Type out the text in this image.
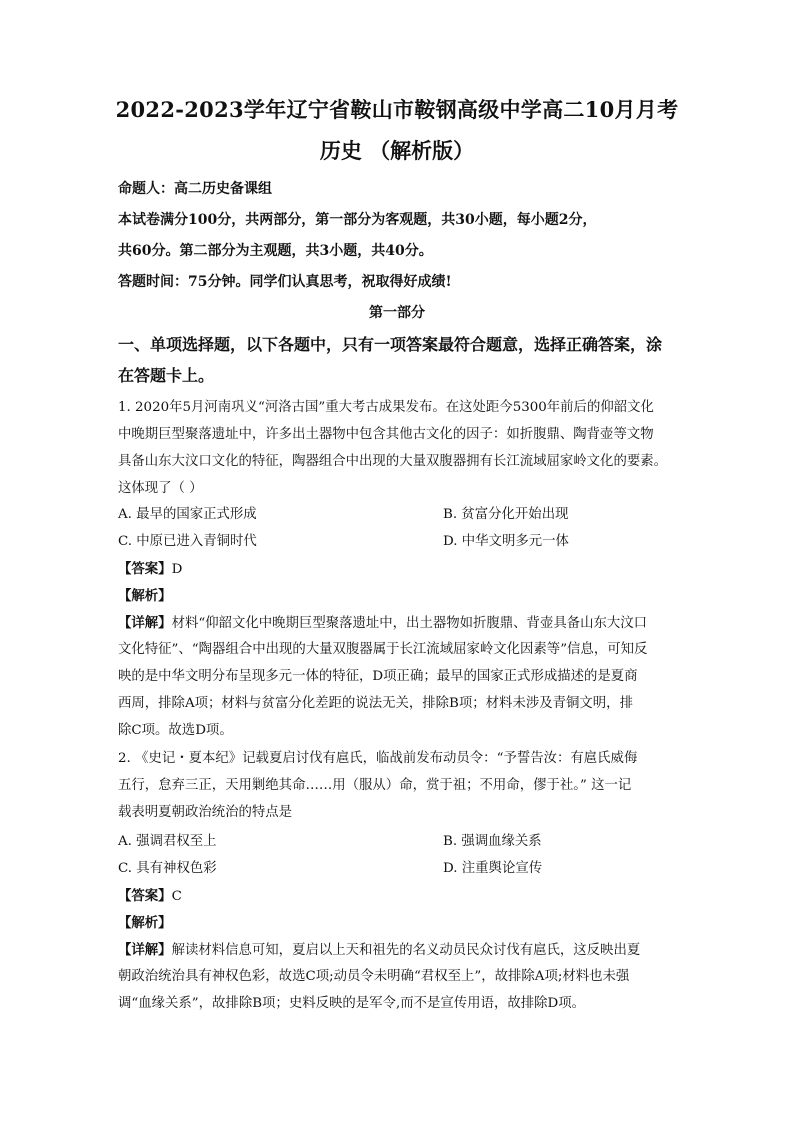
2022-2023学年辽宁省鞍山市鞍钢高级中学高二10月月考
历史 （解析版）
命题人：高二历史备课组
本试卷满分100分，共两部分，第一部分为客观题，共30小题，每小题2分，
共60分。第二部分为主观题，共3小题，共40分。
答题时间：75分钟。同学们认真思考，祝取得好成绩!
第一部分
一、单项选择题，以下各题中，只有一项答案最符合题意，选择正确答案，涂
在答题卡上。
1. 2020年5月河南巩义“河洛古国”重大考古成果发布。在这处距今5300年前后的仰韶文化
中晚期巨型聚落遗址中，许多出土器物中包含其他古文化的因子：如折腹鼎、陶背壶等文物
具备山东大汶口文化的特征，陶器组合中出现的大量双腹器拥有长江流域屈家岭文化的要素。
这体现了（ ）
A. 最早的国家正式形成	B. 贫富分化开始出现
C. 中原已进入青铜时代	D. 中华文明多元一体
【答案】D
【解析】
【详解】材料“仰韶文化中晚期巨型聚落遗址中，出土器物如折腹鼎、背壶具备山东大汶口
文化特征”、“陶器组合中出现的大量双腹器属于长江流域屈家岭文化因素等”信息，可知反
映的是中华文明分布呈现多元一体的特征，D项正确；最早的国家正式形成描述的是夏商
西周，排除A项；材料与贫富分化差距的说法无关，排除B项；材料未涉及青铜文明，排
除C项。故选D项。
2. 《史记・夏本纪》记载夏启讨伐有扈氏，临战前发布动员令：“予誓告汝：有扈氏威侮
五行，怠弃三正，天用剿绝其命……用（服从）命，赏于祖；不用命，僇于社。” 这一记
载表明夏朝政治统治的特点是
A. 强调君权至上	B. 强调血缘关系
C. 具有神权色彩	D. 注重舆论宣传
【答案】C
【解析】
【详解】解读材料信息可知，夏启以上天和祖先的名义动员民众讨伐有扈氏，这反映出夏
朝政治统治具有神权色彩，故选C项;动员令未明确“君权至上”，故排除A项;材料也未强
调“血缘关系”，故排除B项；史料反映的是军令,而不是宣传用语，故排除D项。
